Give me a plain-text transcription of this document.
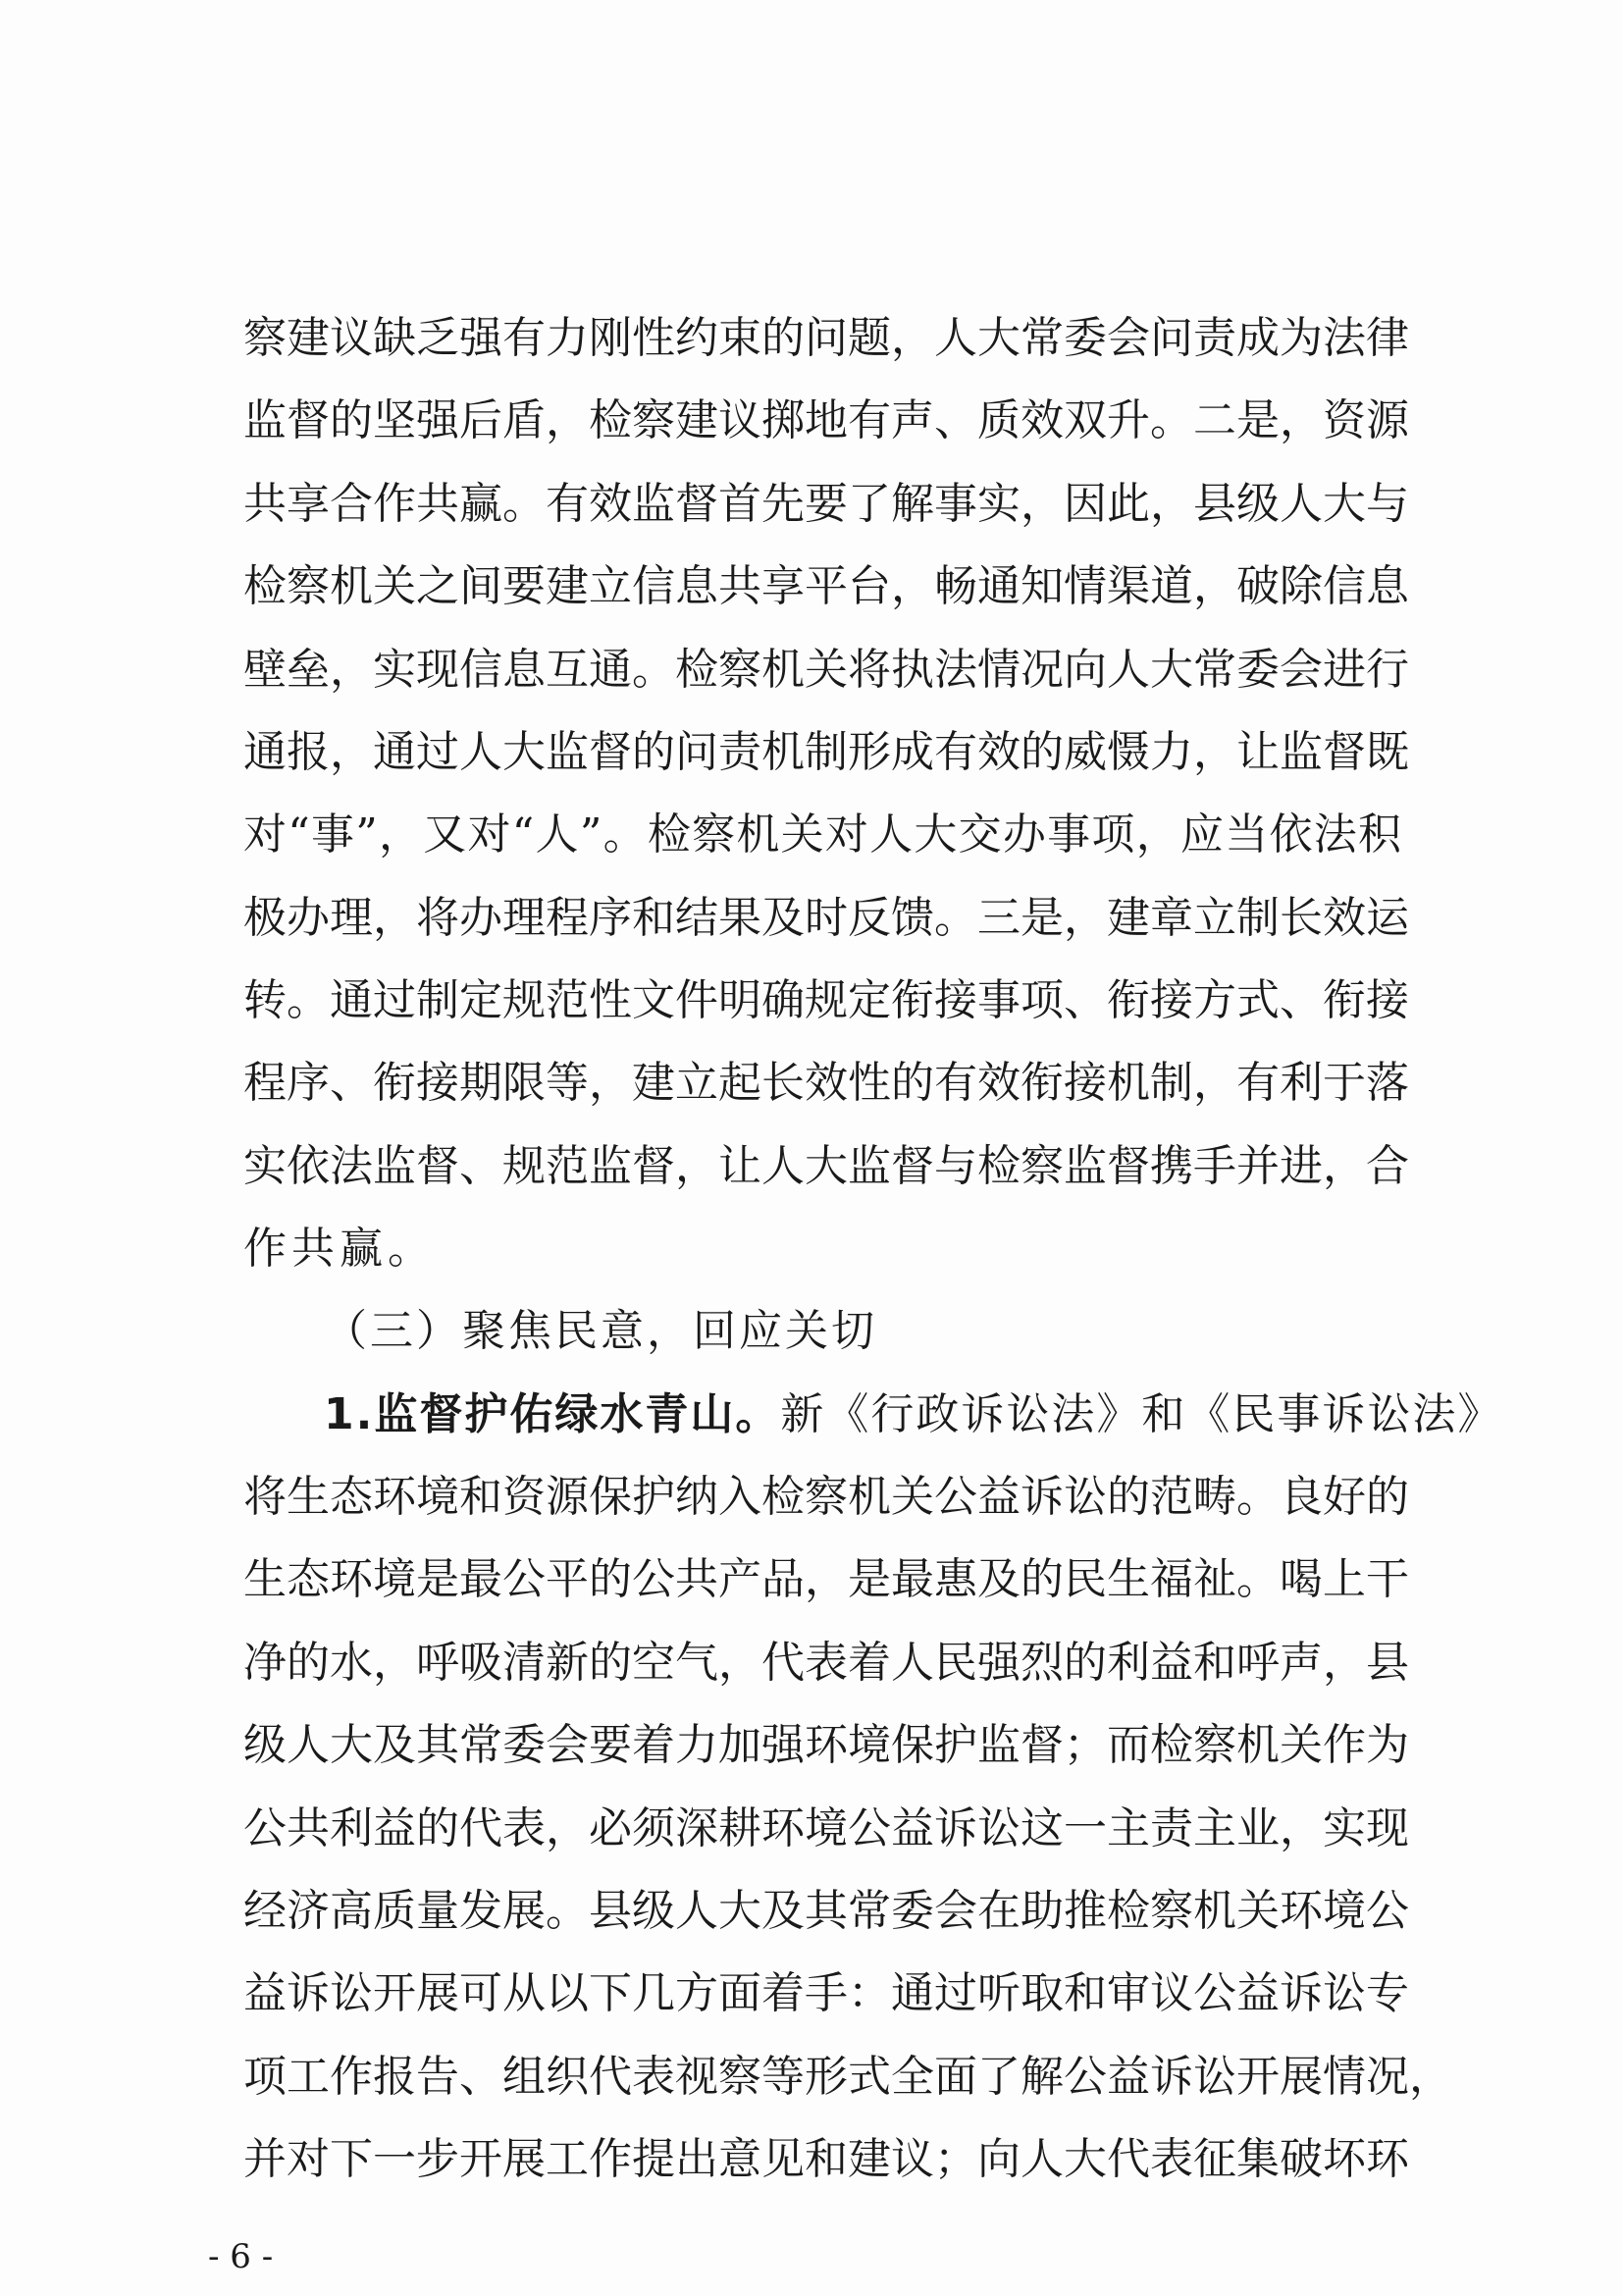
察建议缺乏强有力刚性约束的问题，人大常委会问责成为法律
监督的坚强后盾，检察建议掷地有声、质效双升。二是，资源
共享合作共赢。有效监督首先要了解事实，因此，县级人大与
检察机关之间要建立信息共享平台，畅通知情渠道，破除信息
壁垒，实现信息互通。检察机关将执法情况向人大常委会进行
通报，通过人大监督的问责机制形成有效的威慑力，让监督既
对“事”，又对“人”。检察机关对人大交办事项，应当依法积
极办理，将办理程序和结果及时反馈。三是，建章立制长效运
转。通过制定规范性文件明确规定衔接事项、衔接方式、衔接
程序、衔接期限等，建立起长效性的有效衔接机制，有利于落
实依法监督、规范监督，让人大监督与检察监督携手并进，合
作共赢。
（三）聚焦民意，回应关切
1.监督护佑绿水青山。新《行政诉讼法》和《民事诉讼法》
将生态环境和资源保护纳入检察机关公益诉讼的范畴。良好的
生态环境是最公平的公共产品，是最惠及的民生福祉。喝上干
净的水，呼吸清新的空气，代表着人民强烈的利益和呼声，县
级人大及其常委会要着力加强环境保护监督；而检察机关作为
公共利益的代表，必须深耕环境公益诉讼这一主责主业，实现
经济高质量发展。县级人大及其常委会在助推检察机关环境公
益诉讼开展可从以下几方面着手：通过听取和审议公益诉讼专
项工作报告、组织代表视察等形式全面了解公益诉讼开展情况，
并对下一步开展工作提出意见和建议；向人大代表征集破坏环
- 6 -
